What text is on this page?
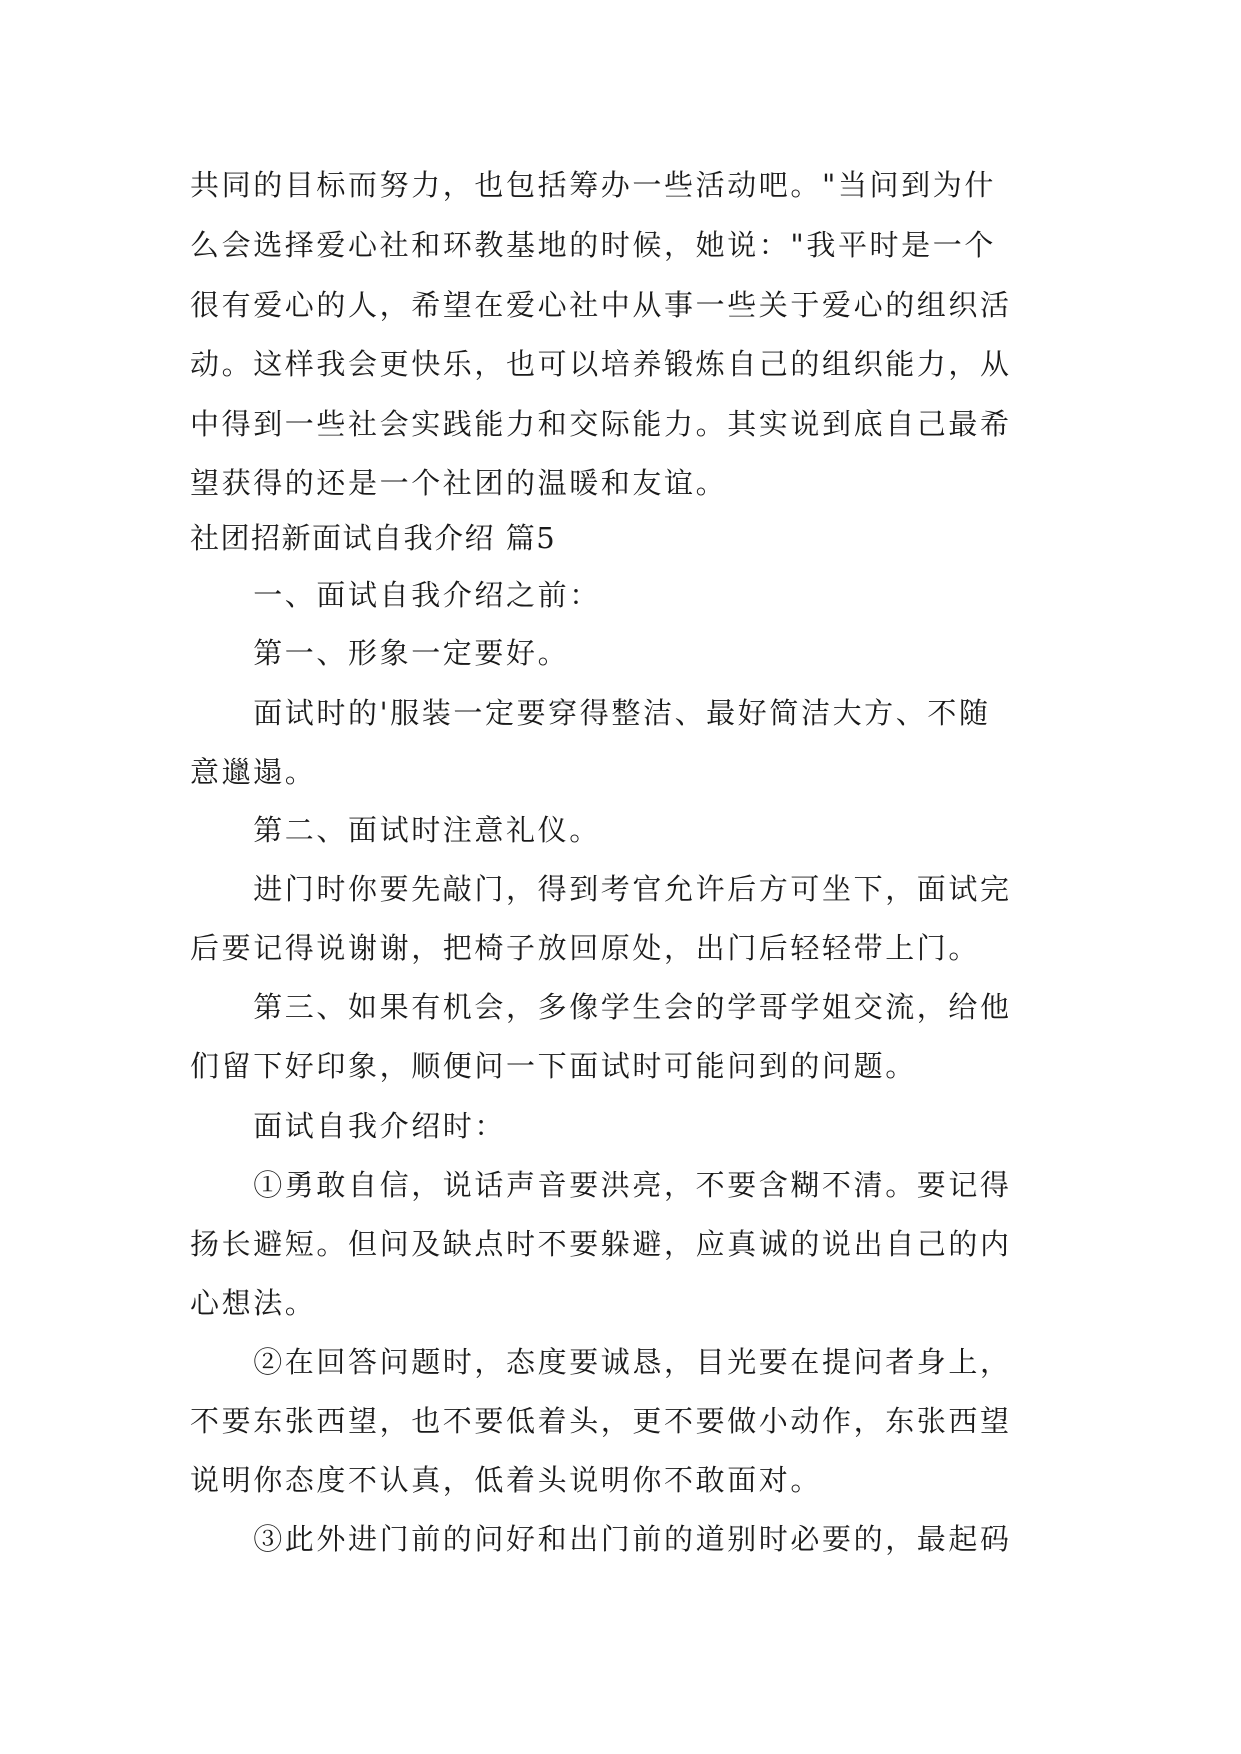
共同的目标而努力，也包括筹办一些活动吧。"当问到为什
么会选择爱心社和环教基地的时候，她说："我平时是一个
很有爱心的人，希望在爱心社中从事一些关于爱心的组织活
动。这样我会更快乐，也可以培养锻炼自己的组织能力，从
中得到一些社会实践能力和交际能力。其实说到底自己最希
望获得的还是一个社团的温暖和友谊。
社团招新面试自我介绍 篇5
　　一、面试自我介绍之前：
　　第一、形象一定要好。
　　面试时的'服装一定要穿得整洁、最好简洁大方、不随
意邋遢。
　　第二、面试时注意礼仪。
　　进门时你要先敲门，得到考官允许后方可坐下，面试完
后要记得说谢谢，把椅子放回原处，出门后轻轻带上门。
　　第三、如果有机会，多像学生会的学哥学姐交流，给他
们留下好印象，顺便问一下面试时可能问到的问题。
　　面试自我介绍时：
　　①勇敢自信，说话声音要洪亮，不要含糊不清。要记得
扬长避短。但问及缺点时不要躲避，应真诚的说出自己的内
心想法。
　　②在回答问题时，态度要诚恳，目光要在提问者身上，
不要东张西望，也不要低着头，更不要做小动作，东张西望
说明你态度不认真，低着头说明你不敢面对。
　　③此外进门前的问好和出门前的道别时必要的，最起码
